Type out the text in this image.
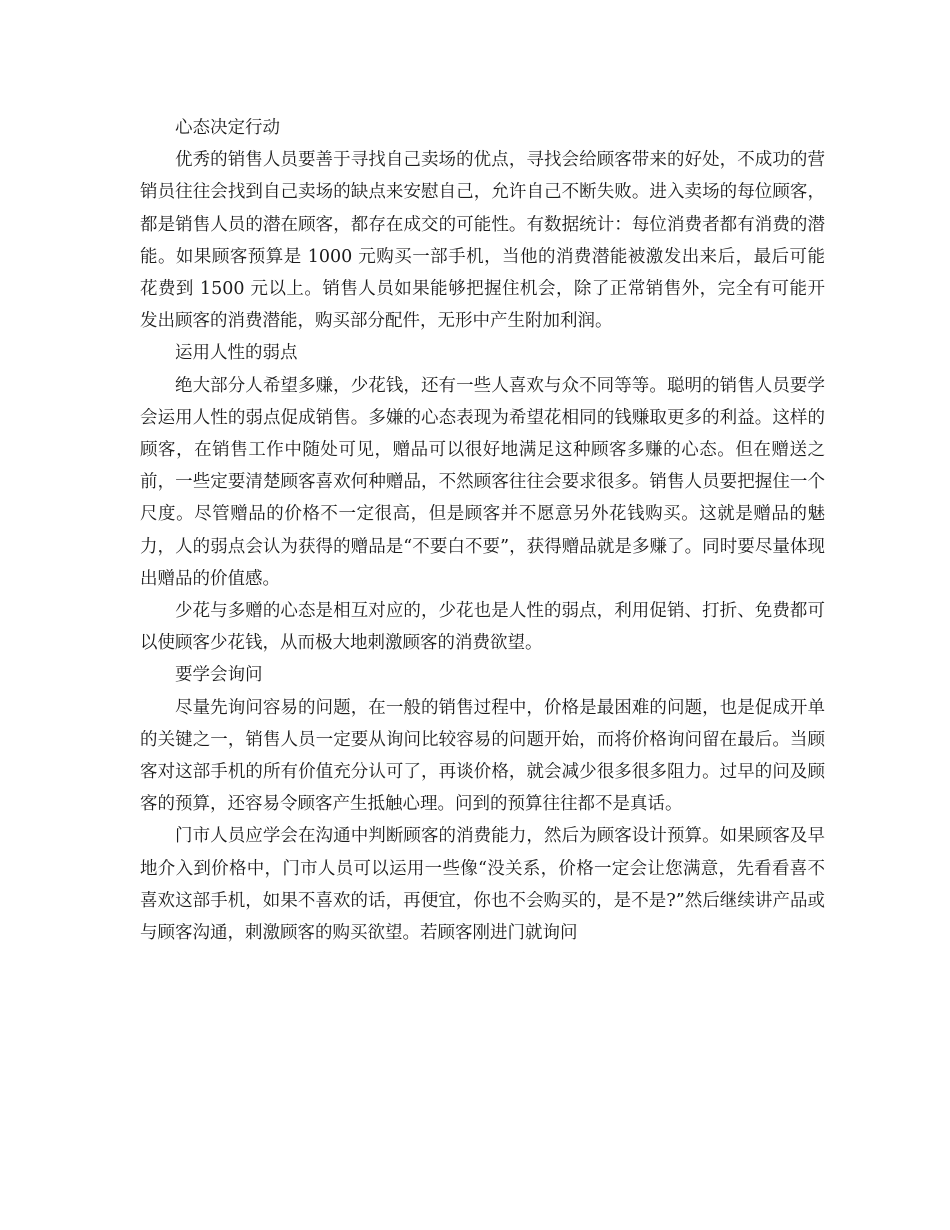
心态决定行动

优秀的销售人员要善于寻找自己卖场的优点，寻找会给顾客带来的好处，不成功的营销员往往会找到自己卖场的缺点来安慰自己，允许自己不断失败。进入卖场的每位顾客，都是销售人员的潜在顾客，都存在成交的可能性。有数据统计：每位消费者都有消费的潜能。如果顾客预算是 1000 元购买一部手机，当他的消费潜能被激发出来后，最后可能花费到 1500 元以上。销售人员如果能够把握住机会，除了正常销售外，完全有可能开发出顾客的消费潜能，购买部分配件，无形中产生附加利润。

运用人性的弱点

绝大部分人希望多赚，少花钱，还有一些人喜欢与众不同等等。聪明的销售人员要学会运用人性的弱点促成销售。多嫌的心态表现为希望花相同的钱赚取更多的利益。这样的顾客，在销售工作中随处可见，赠品可以很好地满足这种顾客多赚的心态。但在赠送之前，一些定要清楚顾客喜欢何种赠品，不然顾客往往会要求很多。销售人员要把握住一个尺度。尽管赠品的价格不一定很高，但是顾客并不愿意另外花钱购买。这就是赠品的魅力，人的弱点会认为获得的赠品是“不要白不要”，获得赠品就是多赚了。同时要尽量体现出赠品的价值感。

少花与多赠的心态是相互对应的，少花也是人性的弱点，利用促销、打折、免费都可以使顾客少花钱，从而极大地刺激顾客的消费欲望。

要学会询问

尽量先询问容易的问题，在一般的销售过程中，价格是最困难的问题，也是促成开单的关键之一，销售人员一定要从询问比较容易的问题开始，而将价格询问留在最后。当顾客对这部手机的所有价值充分认可了，再谈价格，就会减少很多很多阻力。过早的问及顾客的预算，还容易令顾客产生抵触心理。问到的预算往往都不是真话。

门市人员应学会在沟通中判断顾客的消费能力，然后为顾客设计预算。如果顾客及早地介入到价格中，门市人员可以运用一些像“没关系，价格一定会让您满意，先看看喜不喜欢这部手机，如果不喜欢的话，再便宜，你也不会购买的，是不是?”然后继续讲产品或与顾客沟通，刺激顾客的购买欲望。若顾客刚进门就询问
